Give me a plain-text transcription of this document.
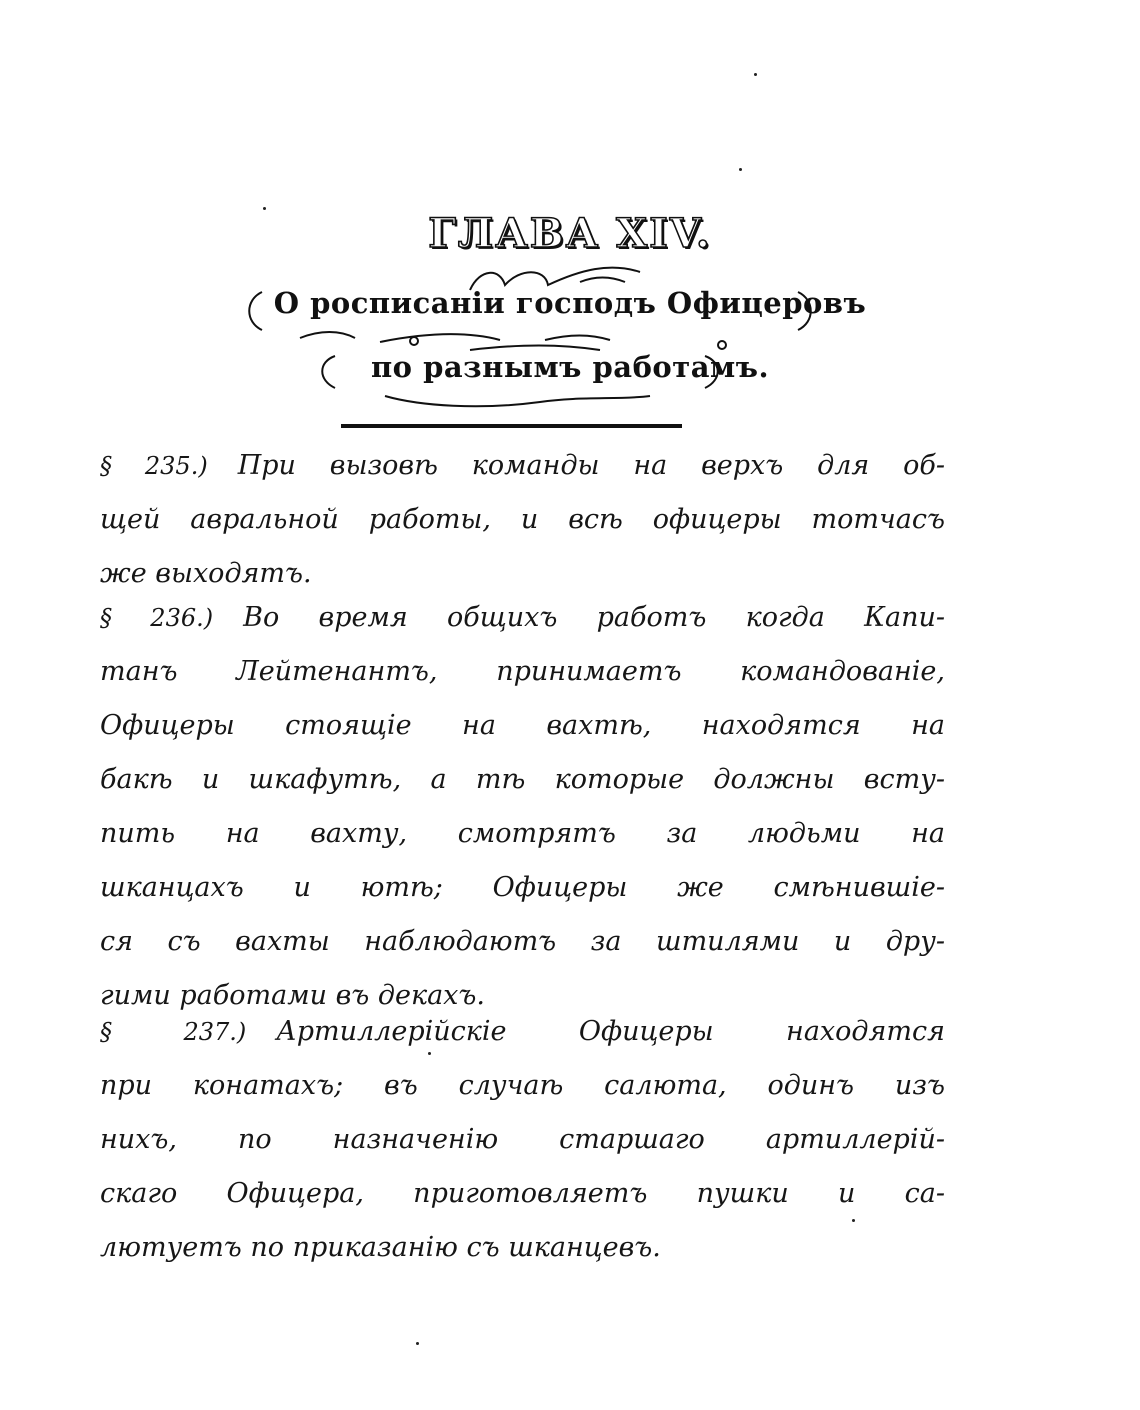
ГЛАВА XIV.
О росписаніи господъ Офицеровъ
по разнымъ работамъ.
§ 235.) При вызовѣ команды на верхъ для об-
щей авральной работы, и всѣ офицеры тотчасъ
же выходятъ.
§ 236.) Во время общихъ работъ когда Капи-
танъ Лейтенантъ, принимаетъ командованіе,
Офицеры стоящіе на вахтѣ, находятся на
бакѣ и шкафутѣ, а тѣ которые должны всту-
пить на вахту, смотрятъ за людьми на
шканцахъ и ютѣ; Офицеры же смѣнившіе-
ся съ вахты наблюдаютъ за штилями и дру-
гими работами въ декахъ.
§ 237.) Артиллерійскіе Офицеры находятся
при конатахъ; въ случаѣ салюта, одинъ изъ
нихъ, по назначенію старшаго артиллерій-
скаго Офицера, приготовляетъ пушки и са-
лютуетъ по приказанію съ шканцевъ.
